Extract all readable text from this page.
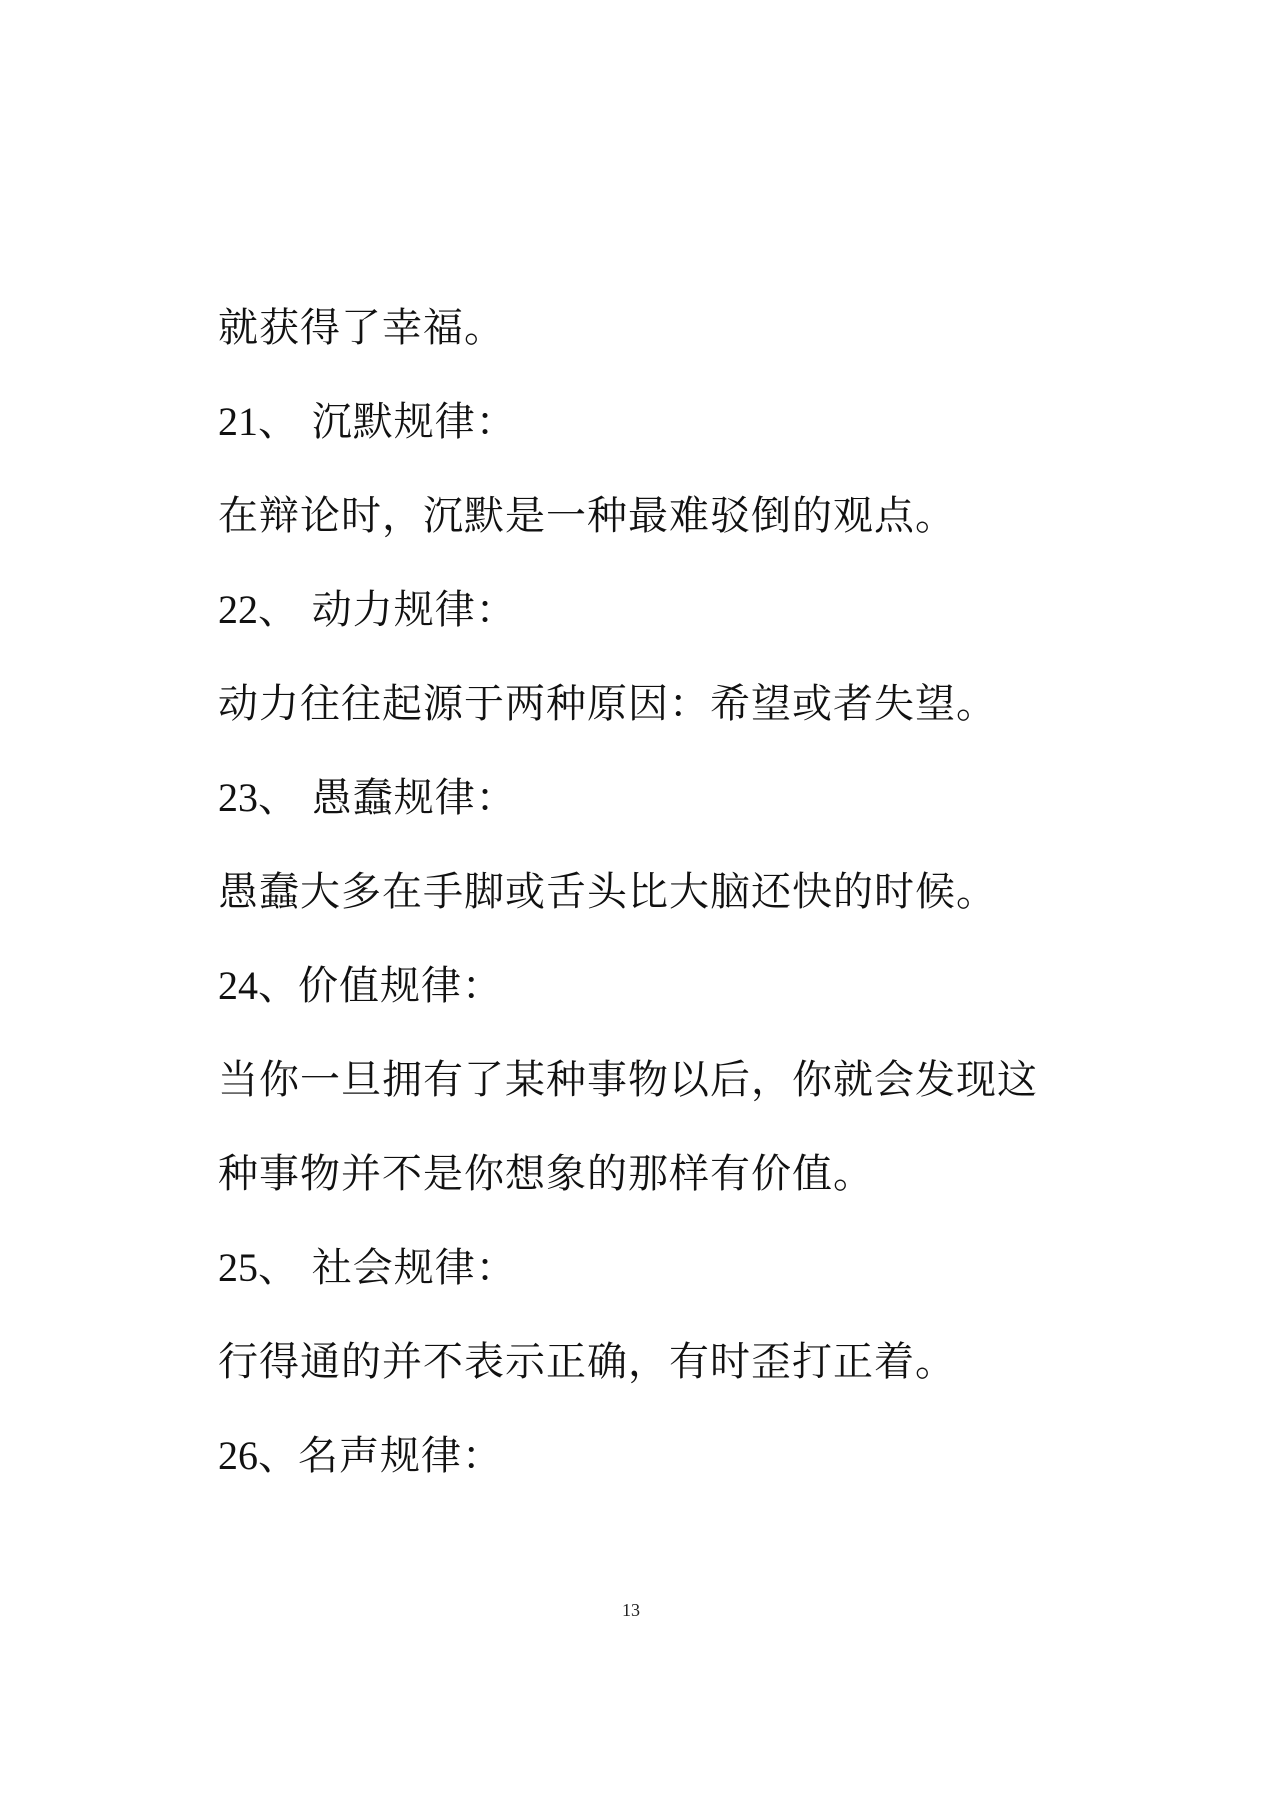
就获得了幸福。
21、 沉默规律：
在辩论时，沉默是一种最难驳倒的观点。
22、 动力规律：
动力往往起源于两种原因：希望或者失望。
23、 愚蠢规律：
愚蠢大多在手脚或舌头比大脑还快的时候。
24、价值规律：
当你一旦拥有了某种事物以后，你就会发现这
种事物并不是你想象的那样有价值。
25、 社会规律：
行得通的并不表示正确，有时歪打正着。
26、名声规律：
13
